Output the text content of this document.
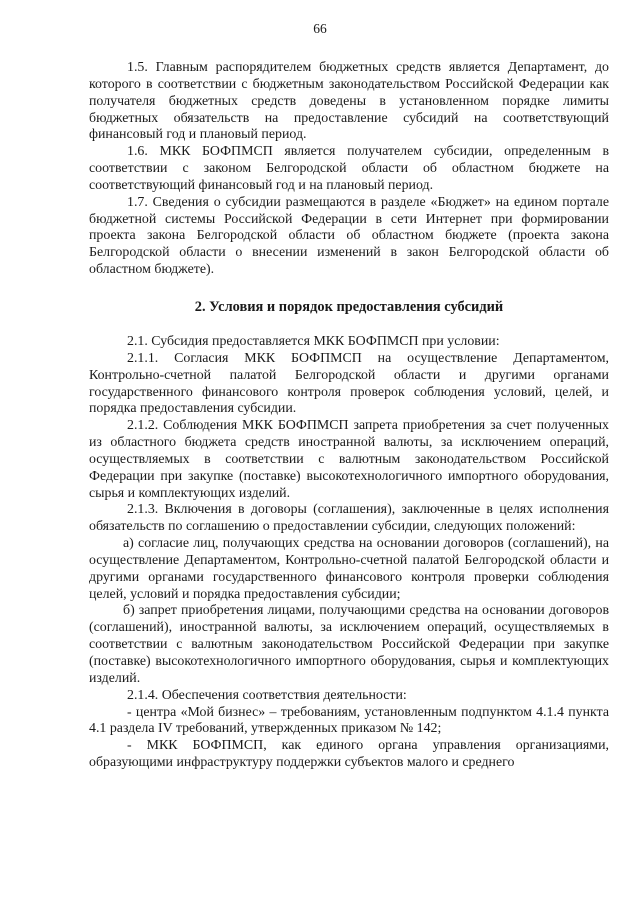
66

1.5. Главным распорядителем бюджетных средств является Департамент, до которого в соответствии с бюджетным законодательством Российской Федерации как получателя бюджетных средств доведены в установленном порядке лимиты бюджетных обязательств на предоставление субсидий на соответствующий финансовый год и плановый период.

1.6. МКК БОФПМСП является получателем субсидии, определенным в соответствии с законом Белгородской области об областном бюджете на соответствующий финансовый год и на плановый период.

1.7. Сведения о субсидии размещаются в разделе «Бюджет» на едином портале бюджетной системы Российской Федерации в сети Интернет при формировании проекта закона Белгородской области об областном бюджете (проекта закона Белгородской области о внесении изменений в закон Белгородской области об областном бюджете).

2. Условия и порядок предоставления субсидий

2.1. Субсидия предоставляется МКК БОФПМСП при условии:

2.1.1. Согласия МКК БОФПМСП на осуществление Департаментом, Контрольно-счетной палатой Белгородской области и другими органами государственного финансового контроля проверок соблюдения условий, целей, и порядка предоставления субсидии.

2.1.2. Соблюдения МКК БОФПМСП запрета приобретения за счет полученных из областного бюджета средств иностранной валюты, за исключением операций, осуществляемых в соответствии с валютным законодательством Российской Федерации при закупке (поставке) высокотехнологичного импортного оборудования, сырья и комплектующих изделий.

2.1.3. Включения в договоры (соглашения), заключенные в целях исполнения обязательств по соглашению о предоставлении субсидии, следующих положений:

а) согласие лиц, получающих средства на основании договоров (соглашений), на осуществление Департаментом, Контрольно-счетной палатой Белгородской области и другими органами государственного финансового контроля проверки соблюдения целей, условий и порядка предоставления субсидии;

б) запрет приобретения лицами, получающими средства на основании договоров (соглашений), иностранной валюты, за исключением операций, осуществляемых в соответствии с валютным законодательством Российской Федерации при закупке (поставке) высокотехнологичного импортного оборудования, сырья и комплектующих изделий.

2.1.4. Обеспечения соответствия деятельности:

- центра «Мой бизнес» – требованиям, установленным подпунктом 4.1.4 пункта 4.1 раздела IV требований, утвержденных приказом № 142;

- МКК БОФПМСП, как единого органа управления организациями, образующими инфраструктуру поддержки субъектов малого и среднего
